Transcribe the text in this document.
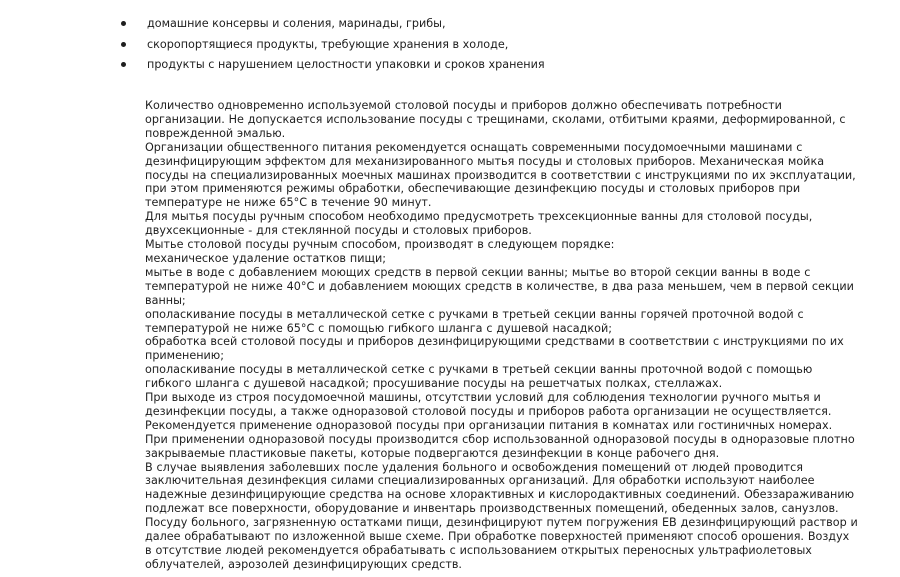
домашние консервы и соления, маринады, грибы,
скоропортящиеся продукты, требующие хранения в холоде,
продукты с нарушением целостности упаковки и сроков хранения

Количество одновременно используемой столовой посуды и приборов должно обеспечивать потребности
организации. Не допускается использование посуды с трещинами, сколами, отбитыми краями, деформированной, с
поврежденной эмалью.

Организации общественного питания рекомендуется оснащать современными посудомоечными машинами с
дезинфицирующим эффектом для механизированного мытья посуды и столовых приборов. Механическая мойка
посуды на специализированных моечных машинах производится в соответствии с инструкциями по их эксплуатации,
при этом применяются режимы обработки, обеспечивающие дезинфекцию посуды и столовых приборов при
температуре не ниже 65°С в течение 90 минут.

Для мытья посуды ручным способом необходимо предусмотреть трехсекционные ванны для столовой посуды,
двухсекционные - для стеклянной посуды и столовых приборов.

Мытье столовой посуды ручным способом, производят в следующем порядке:

механическое удаление остатков пищи;

мытье в воде с добавлением моющих средств в первой секции ванны; мытье во второй секции ванны в воде с
температурой не ниже 40°С и добавлением моющих средств в количестве, в два раза меньшем, чем в первой секции
ванны;

ополаскивание посуды в металлической сетке с ручками в третьей секции ванны горячей проточной водой с
температурой не ниже 65°С с помощью гибкого шланга с душевой насадкой;

обработка всей столовой посуды и приборов дезинфицирующими средствами в соответствии с инструкциями по их
применению;

ополаскивание посуды в металлической сетке с ручками в третьей секции ванны проточной водой с помощью
гибкого шланга с душевой насадкой; просушивание посуды на решетчатых полках, стеллажах.

При выходе из строя посудомоечной машины, отсутствии условий для соблюдения технологии ручного мытья и
дезинфекции посуды, а также одноразовой столовой посуды и приборов работа организации не осуществляется.

Рекомендуется применение одноразовой посуды при организации питания в комнатах или гостиничных номерах.

При применении одноразовой посуды производится сбор использованной одноразовой посуды в одноразовые плотно
закрываемые пластиковые пакеты, которые подвергаются дезинфекции в конце рабочего дня.

В случае выявления заболевших после удаления больного и освобождения помещений от людей проводится
заключительная дезинфекция силами специализированных организаций. Для обработки используют наиболее
надежные дезинфицирующие средства на основе хлорактивных и кислородактивных соединений. Обеззараживанию
подлежат все поверхности, оборудование и инвентарь производственных помещений, обеденных залов, санузлов.
Посуду больного, загрязненную остатками пищи, дезинфицируют путем погружения ЕВ дезинфицирующий раствор и
далее обрабатывают по изложенной выше схеме. При обработке поверхностей применяют способ орошения. Воздух
в отсутствие людей рекомендуется обрабатывать с использованием открытых переносных ультрафиолетовых
облучателей, аэрозолей дезинфицирующих средств.
